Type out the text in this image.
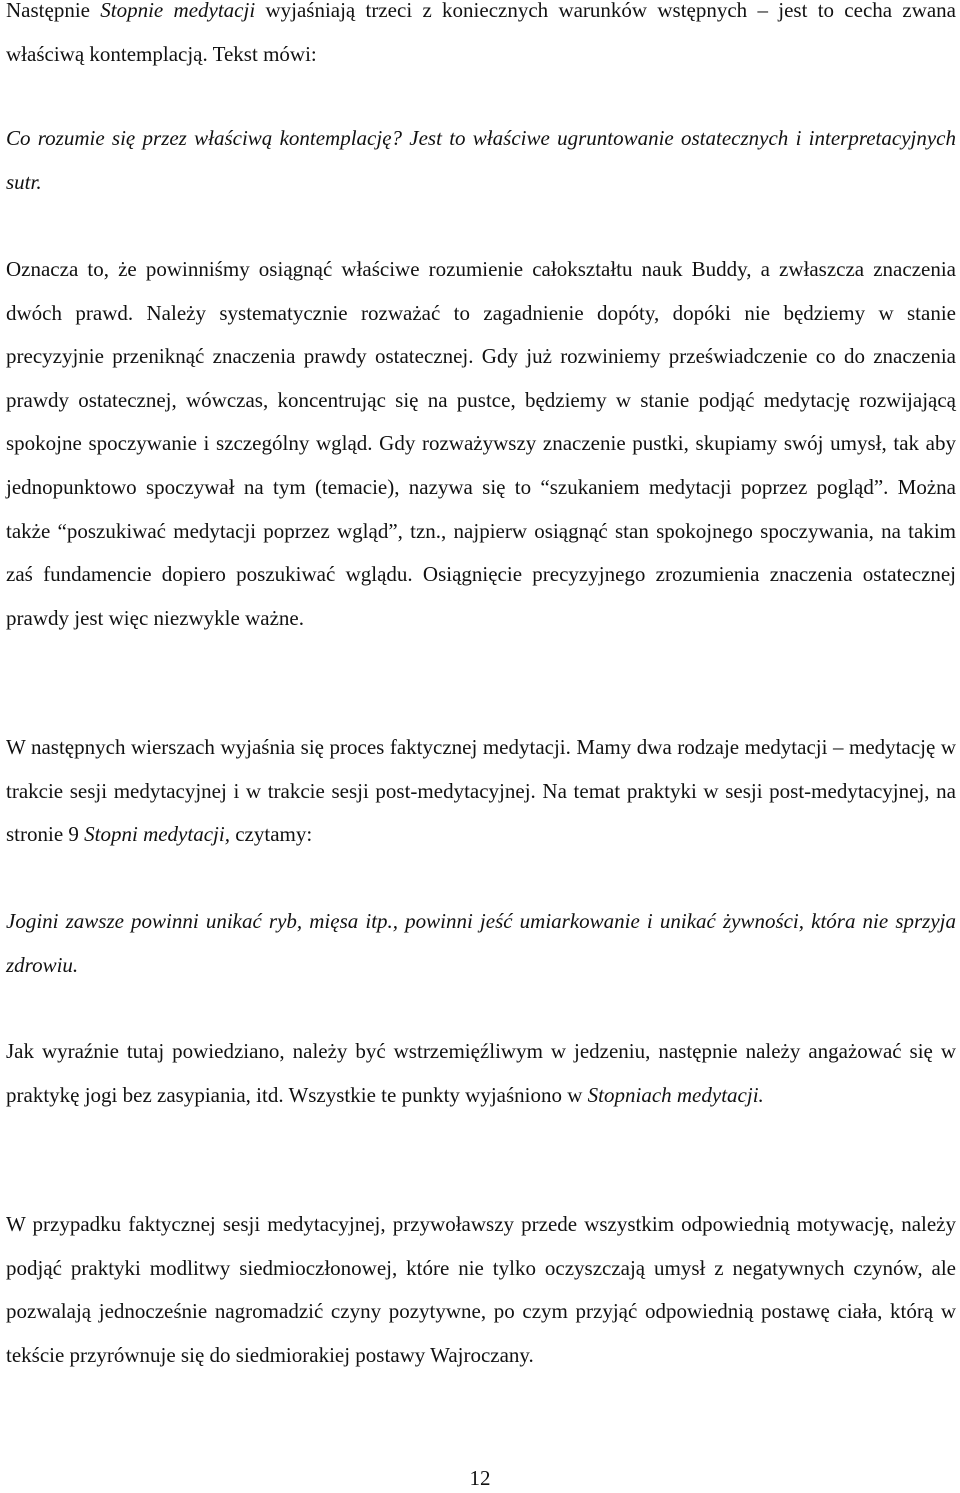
Następnie Stopnie medytacji wyjaśniają trzeci z koniecznych warunków wstępnych – jest to cecha zwana właściwą kontemplacją. Tekst mówi:

Co rozumie się przez właściwą kontemplację? Jest to właściwe ugruntowanie ostatecznych i interpretacyjnych sutr.

Oznacza to, że powinniśmy osiągnąć właściwe rozumienie całokształtu nauk Buddy, a zwłaszcza znaczenia dwóch prawd. Należy systematycznie rozważać to zagadnienie dopóty, dopóki nie będziemy w stanie precyzyjnie przeniknąć znaczenia prawdy ostatecznej. Gdy już rozwiniemy przeświadczenie co do znaczenia prawdy ostatecznej, wówczas, koncentrując się na pustce, będziemy w stanie podjąć medytację rozwijającą spokojne spoczywanie i szczególny wgląd. Gdy rozważywszy znaczenie pustki, skupiamy swój umysł, tak aby jednopunktowo spoczywał na tym (temacie), nazywa się to “szukaniem medytacji poprzez pogląd”. Można także “poszukiwać medytacji poprzez wgląd”, tzn., najpierw osiągnąć stan spokojnego spoczywania, na takim zaś fundamencie dopiero poszukiwać wglądu. Osiągnięcie precyzyjnego zrozumienia znaczenia ostatecznej prawdy jest więc niezwykle ważne.

W następnych wierszach wyjaśnia się proces faktycznej medytacji. Mamy dwa rodzaje medytacji – medytację w trakcie sesji medytacyjnej i w trakcie sesji post-medytacyjnej. Na temat praktyki w sesji post-medytacyjnej, na stronie 9 Stopni medytacji, czytamy:

Jogini zawsze powinni unikać ryb, mięsa itp., powinni jeść umiarkowanie i unikać żywności, która nie sprzyja zdrowiu.

Jak wyraźnie tutaj powiedziano, należy być wstrzemięźliwym w jedzeniu, następnie należy angażować się w praktykę jogi bez zasypiania, itd. Wszystkie te punkty wyjaśniono w Stopniach medytacji.

W przypadku faktycznej sesji medytacyjnej, przywoławszy przede wszystkim odpowiednią motywację, należy podjąć praktyki modlitwy siedmioczłonowej, które nie tylko oczyszczają umysł z negatywnych czynów, ale pozwalają jednocześnie nagromadzić czyny pozytywne, po czym przyjąć odpowiednią postawę ciała, którą w tekście przyrównuje się do siedmiorakiej postawy Wajroczany.

12
